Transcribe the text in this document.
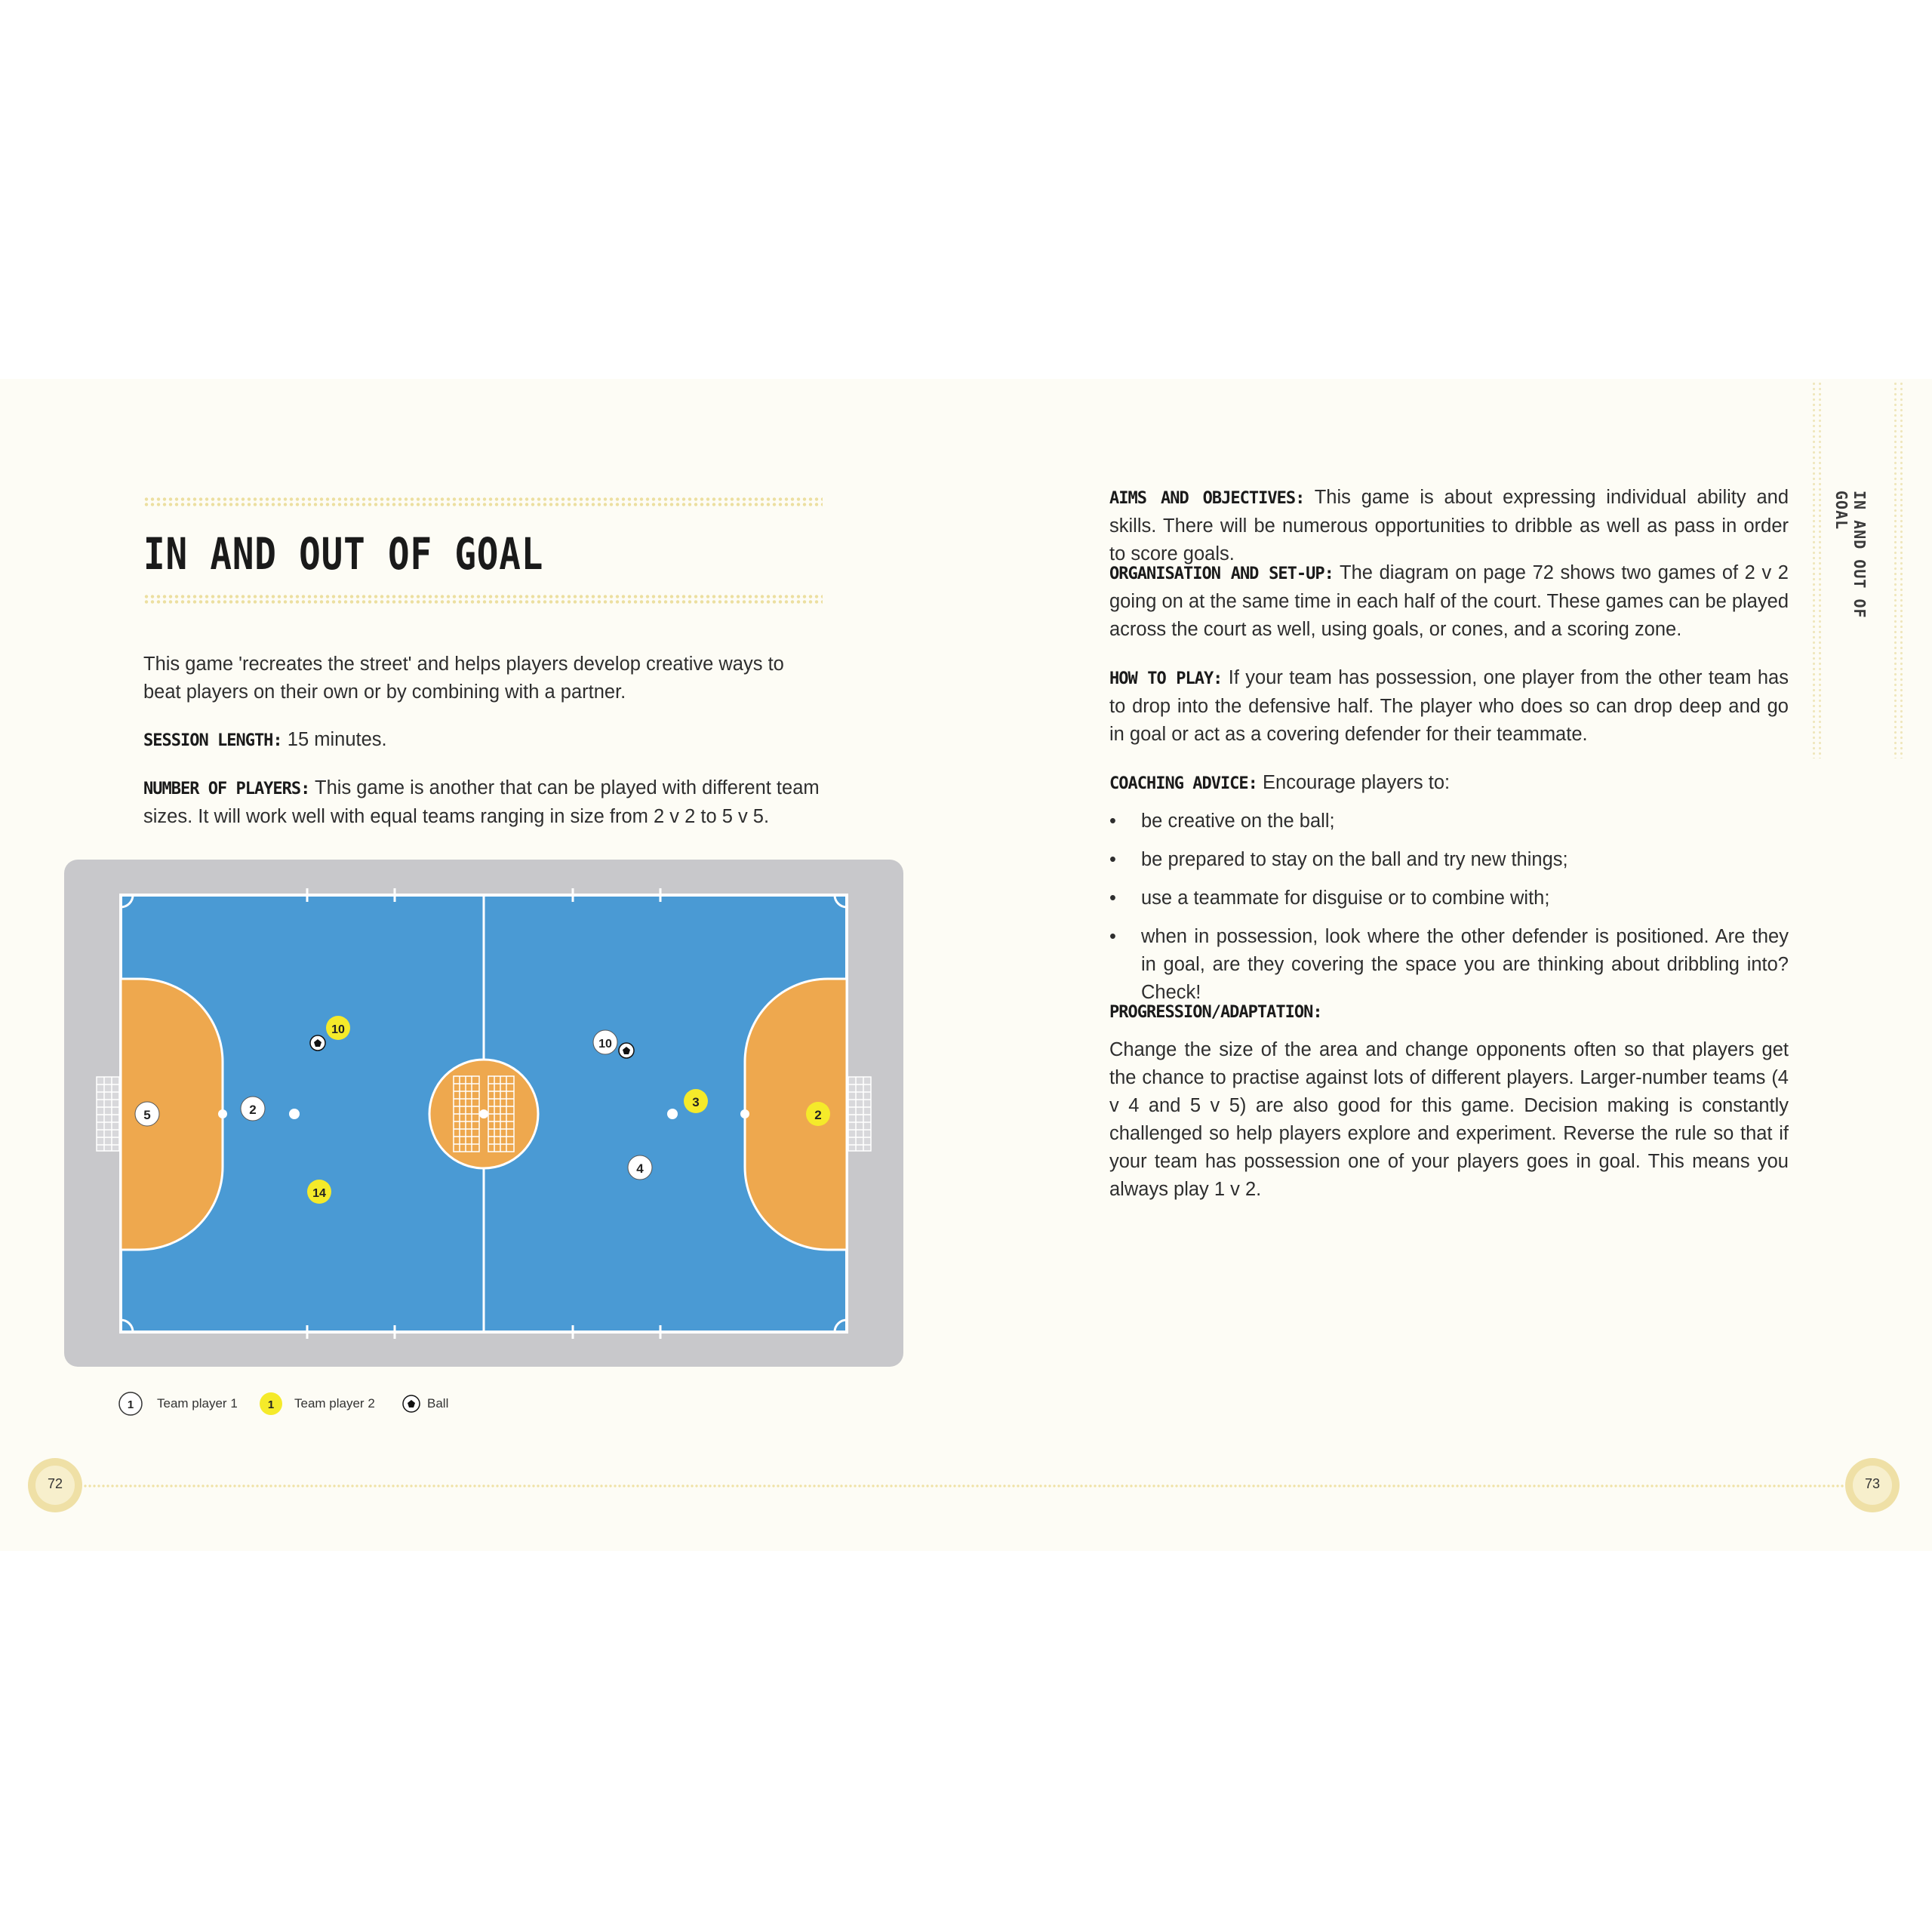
IN AND OUT OF GOAL

This game 'recreates the street' and helps players develop creative ways to beat players on their own or by combining with a partner.

SESSION LENGTH: 15 minutes.

NUMBER OF PLAYERS: This game is another that can be played with different team sizes. It will work well with equal teams ranging in size from 2 v 2 to 5 v 5.

5	2
10
4
10
14
3
2
1 Team player 1	1 Team player 2	Ball

AIMS AND OBJECTIVES: This game is about expressing individual ability and skills. There will be numerous opportunities to dribble as well as pass in order to score goals.

ORGANISATION AND SET-UP: The diagram on page 72 shows two games of 2 v 2 going on at the same time in each half of the court. These games can be played across the court as well, using goals, or cones, and a scoring zone.

HOW TO PLAY: If your team has possession, one player from the other team has to drop into the defensive half. The player who does so can drop deep and go in goal or act as a covering defender for their teammate.

COACHING ADVICE: Encourage players to:

• be creative on the ball;
• be prepared to stay on the ball and try new things;
• use a teammate for disguise or to combine with;
• when in possession, look where the other defender is positioned. Are they in goal, are they covering the space you are thinking about dribbling into? Check!

PROGRESSION/ADAPTATION:

Change the size of the area and change opponents often so that players get the chance to practise against lots of different players. Larger-number teams (4 v 4 and 5 v 5) are also good for this game. Decision making is constantly challenged so help players explore and experiment. Reverse the rule so that if your team has possession one of your players goes in goal. This means you always play 1 v 2.

IN AND OUT OF GOAL
72	73
